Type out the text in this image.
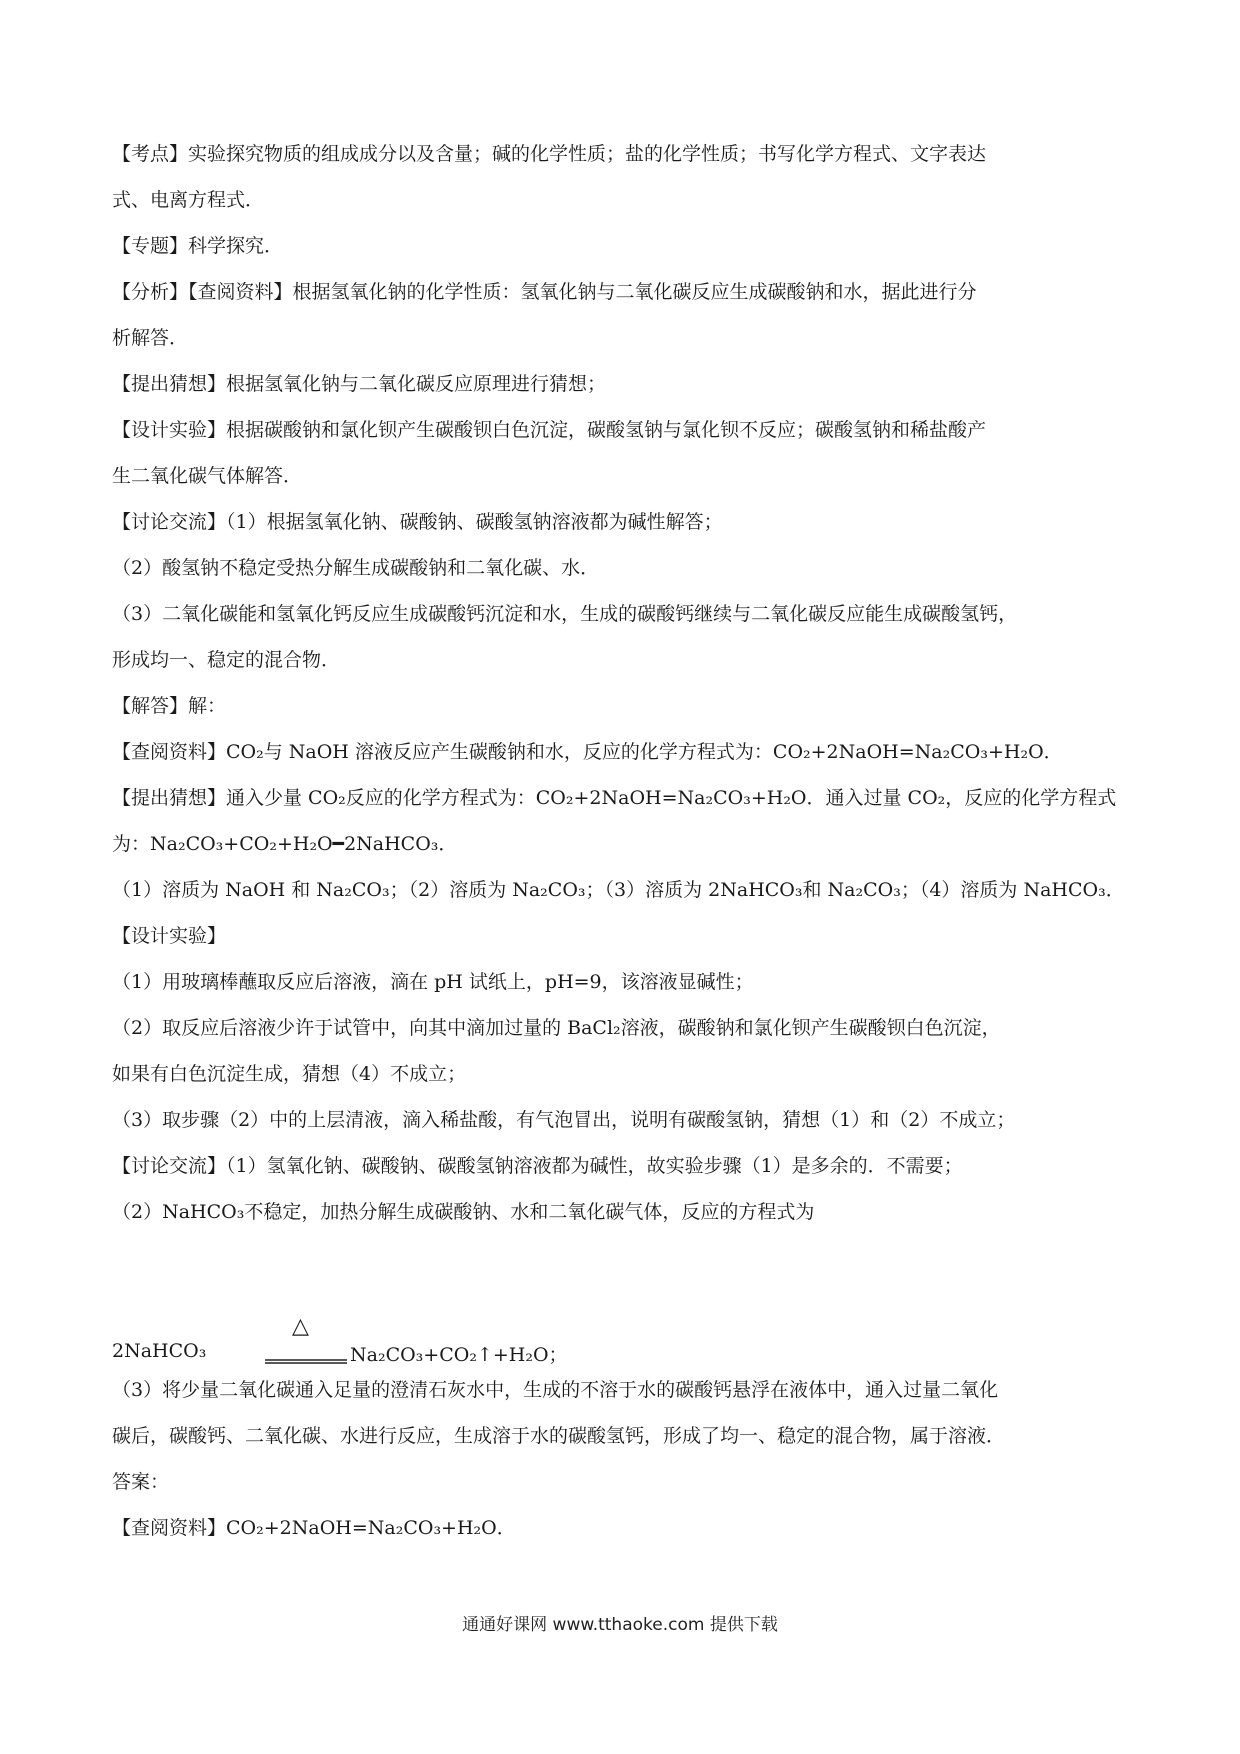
【考点】实验探究物质的组成成分以及含量；碱的化学性质；盐的化学性质；书写化学方程式、文字表达
式、电离方程式．
【专题】科学探究．
【分析】【查阅资料】根据氢氧化钠的化学性质：氢氧化钠与二氧化碳反应生成碳酸钠和水，据此进行分
析解答．
【提出猜想】根据氢氧化钠与二氧化碳反应原理进行猜想；
【设计实验】根据碳酸钠和氯化钡产生碳酸钡白色沉淀，碳酸氢钠与氯化钡不反应；碳酸氢钠和稀盐酸产
生二氧化碳气体解答．
【讨论交流】（1）根据氢氧化钠、碳酸钠、碳酸氢钠溶液都为碱性解答；
（2）酸氢钠不稳定受热分解生成碳酸钠和二氧化碳、水．
（3）二氧化碳能和氢氧化钙反应生成碳酸钙沉淀和水，生成的碳酸钙继续与二氧化碳反应能生成碳酸氢钙，
形成均一、稳定的混合物．
【解答】解：
【查阅资料】CO₂与 NaOH 溶液反应产生碳酸钠和水，反应的化学方程式为：CO₂+2NaOH=Na₂CO₃+H₂O．
【提出猜想】通入少量 CO₂反应的化学方程式为：CO₂+2NaOH=Na₂CO₃+H₂O．通入过量 CO₂，反应的化学方程式
为：Na₂CO₃+CO₂+H₂O━2NaHCO₃．
（1）溶质为 NaOH 和 Na₂CO₃；（2）溶质为 Na₂CO₃；（3）溶质为 2NaHCO₃和 Na₂CO₃；（4）溶质为 NaHCO₃．
【设计实验】
（1）用玻璃棒蘸取反应后溶液，滴在 pH 试纸上，pH=9，该溶液显碱性；
（2）取反应后溶液少许于试管中，向其中滴加过量的 BaCl₂溶液，碳酸钠和氯化钡产生碳酸钡白色沉淀，
如果有白色沉淀生成，猜想（4）不成立；
（3）取步骤（2）中的上层清液，滴入稀盐酸，有气泡冒出，说明有碳酸氢钠，猜想（1）和（2）不成立；
【讨论交流】（1）氢氧化钠、碳酸钠、碳酸氢钠溶液都为碱性，故实验步骤（1）是多余的．不需要；
（2）NaHCO₃不稳定，加热分解生成碳酸钠、水和二氧化碳气体，反应的方程式为
2NaHCO₃
△
Na₂CO₃+CO₂↑+H₂O；
（3）将少量二氧化碳通入足量的澄清石灰水中，生成的不溶于水的碳酸钙悬浮在液体中，通入过量二氧化
碳后，碳酸钙、二氧化碳、水进行反应，生成溶于水的碳酸氢钙，形成了均一、稳定的混合物，属于溶液．
答案：
【查阅资料】CO₂+2NaOH=Na₂CO₃+H₂O．
通通好课网 www.tthaoke.com 提供下载
